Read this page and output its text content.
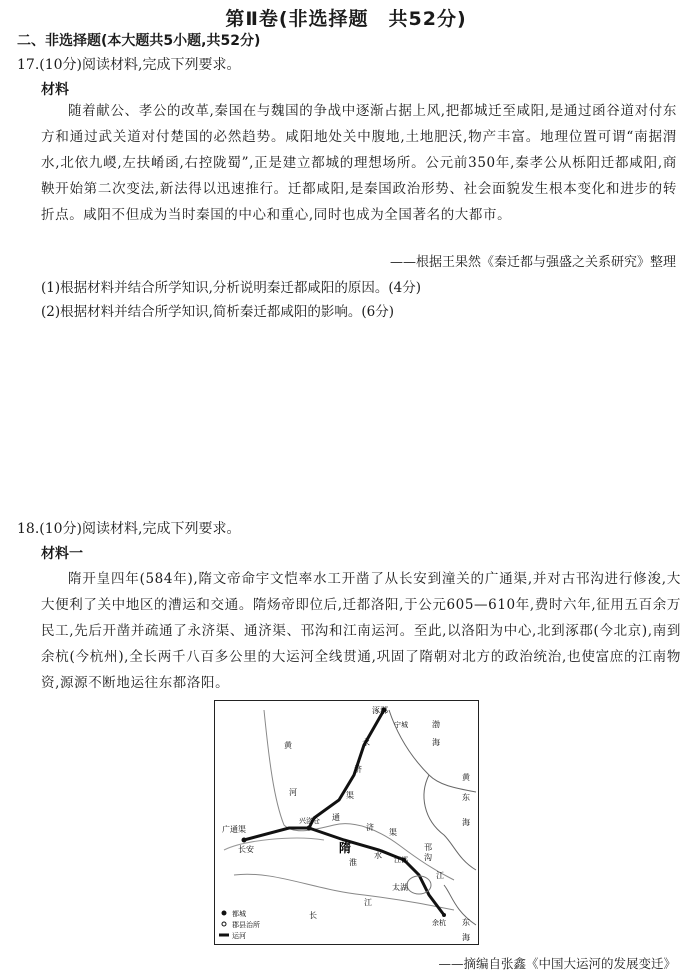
第Ⅱ卷(非选择题　共52分)
二、非选择题(本大题共5小题,共52分)
17.(10分)阅读材料,完成下列要求。
材料
随着献公、孝公的改革,秦国在与魏国的争战中逐渐占据上风,把都城迁至咸阳,是通过函谷道对付东方和通过武关道对付楚国的必然趋势。咸阳地处关中腹地,土地肥沃,物产丰富。地理位置可谓“南据渭水,北依九嵕,左扶崤函,右控陇蜀”,正是建立都城的理想场所。公元前350年,秦孝公从栎阳迁都咸阳,商鞅开始第二次变法,新法得以迅速推行。迁都咸阳,是秦国政治形势、社会面貌发生根本变化和进步的转折点。咸阳不但成为当时秦国的中心和重心,同时也成为全国著名的大都市。
——根据王果然《秦迁都与强盛之关系研究》整理
(1)根据材料并结合所学知识,分析说明秦迁都咸阳的原因。(4分)
(2)根据材料并结合所学知识,简析秦迁都咸阳的影响。(6分)
18.(10分)阅读材料,完成下列要求。
材料一
隋开皇四年(584年),隋文帝命宇文恺率水工开凿了从长安到潼关的广通渠,并对古邗沟进行修浚,大大便利了关中地区的漕运和交通。隋炀帝即位后,迁都洛阳,于公元605—610年,费时六年,征用五百余万民工,先后开凿并疏通了永济渠、通济渠、邗沟和江南运河。至此,以洛阳为中心,北到涿郡(今北京),南到余杭(今杭州),全长两千八百多公里的大运河全线贯通,巩固了隋朝对北方的政治统治,也使富庶的江南物资,源源不断地运往东都洛阳。
涿郡
宁城	渤
海
黄
河
永
济
渠
广通渠
长安
兴洛仓
黄
东
海
通
济
渠
隋
淮
水
邗
沟
江都
江
太湖
余杭
长
江
东
海
都城
郡县治所
运河
——摘编自张鑫《中国大运河的发展变迁》
